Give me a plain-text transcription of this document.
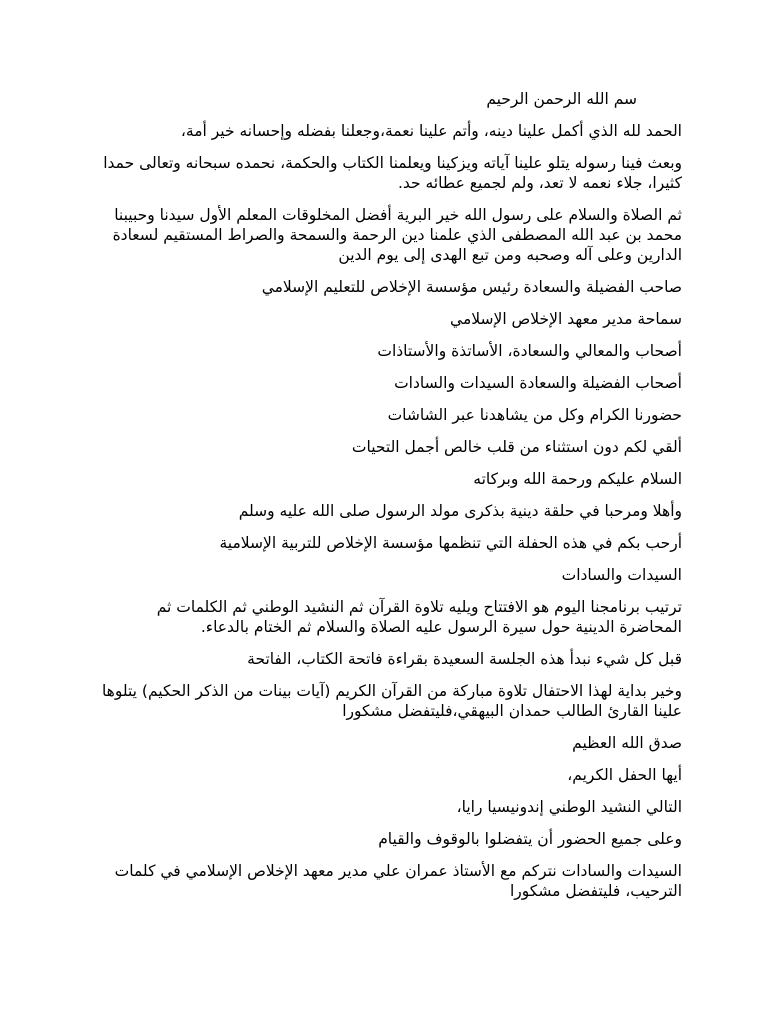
سم الله الرحمن الرحيم

الحمد لله الذي أكمل علينا دينه، وأتم علينا نعمة،وجعلنا بفضله وإحسانه خير أمة،

وبعث فينا رسوله يتلو علينا آياته ويزكينا ويعلمنا الكتاب والحكمة، نحمده سبحانه وتعالى حمدا كثيرا، جلاء نعمه لا تعد، ولم لجميع عطائه حد.

ثم الصلاة والسلام على رسول الله خير البرية أفضل المخلوقات المعلم الأول سيدنا وحبيبنا محمد بن عبد الله المصطفى الذي علمنا دين الرحمة والسمحة والصراط المستقيم لسعادة الدارين وعلى آله وصحبه ومن تبع الهدى إلى يوم الدين

صاحب الفضيلة والسعادة رئيس مؤسسة الإخلاص للتعليم الإسلامي

سماحة مدير معهد الإخلاص الإسلامي

أصحاب والمعالي والسعادة، الأساتذة والأستاذات

أصحاب الفضيلة والسعادة السيدات والسادات

حضورنا الكرام وكل من يشاهدنا عبر الشاشات

ألقي لكم دون استثناء من قلب خالص أجمل التحيات

السلام عليكم ورحمة الله وبركاته

وأهلا ومرحبا في حلقة دينية بذكرى مولد الرسول صلى الله عليه وسلم

أرحب بكم في هذه الحفلة التي تنظمها مؤسسة الإخلاص للتربية الإسلامية

السيدات والسادات

ترتيب برنامجنا اليوم هو الافتتاح ويليه تلاوة القرآن ثم النشيد الوطني ثم الكلمات ثم المحاضرة الدينية حول سيرة الرسول عليه الصلاة والسلام ثم الختام بالدعاء.

قبل كل شيء نبدأ هذه الجلسة السعيدة بقراءة فاتحة الكتاب، الفاتحة

وخير بداية لهذا الاحتفال تلاوة مباركة من القرآن الكريم (آيات بينات من الذكر الحكيم) يتلوها علينا القارئ الطالب حمدان البيهقي،فليتفضل مشكورا

صدق الله العظيم

أيها الحفل الكريم،

التالي النشيد الوطني إندونيسيا رايا،

وعلى جميع الحضور أن يتفضلوا بالوقوف والقيام

السيدات والسادات نتركم مع الأستاذ عمران علي مدير معهد الإخلاص الإسلامي في كلمات الترحيب، فليتفضل مشكورا
